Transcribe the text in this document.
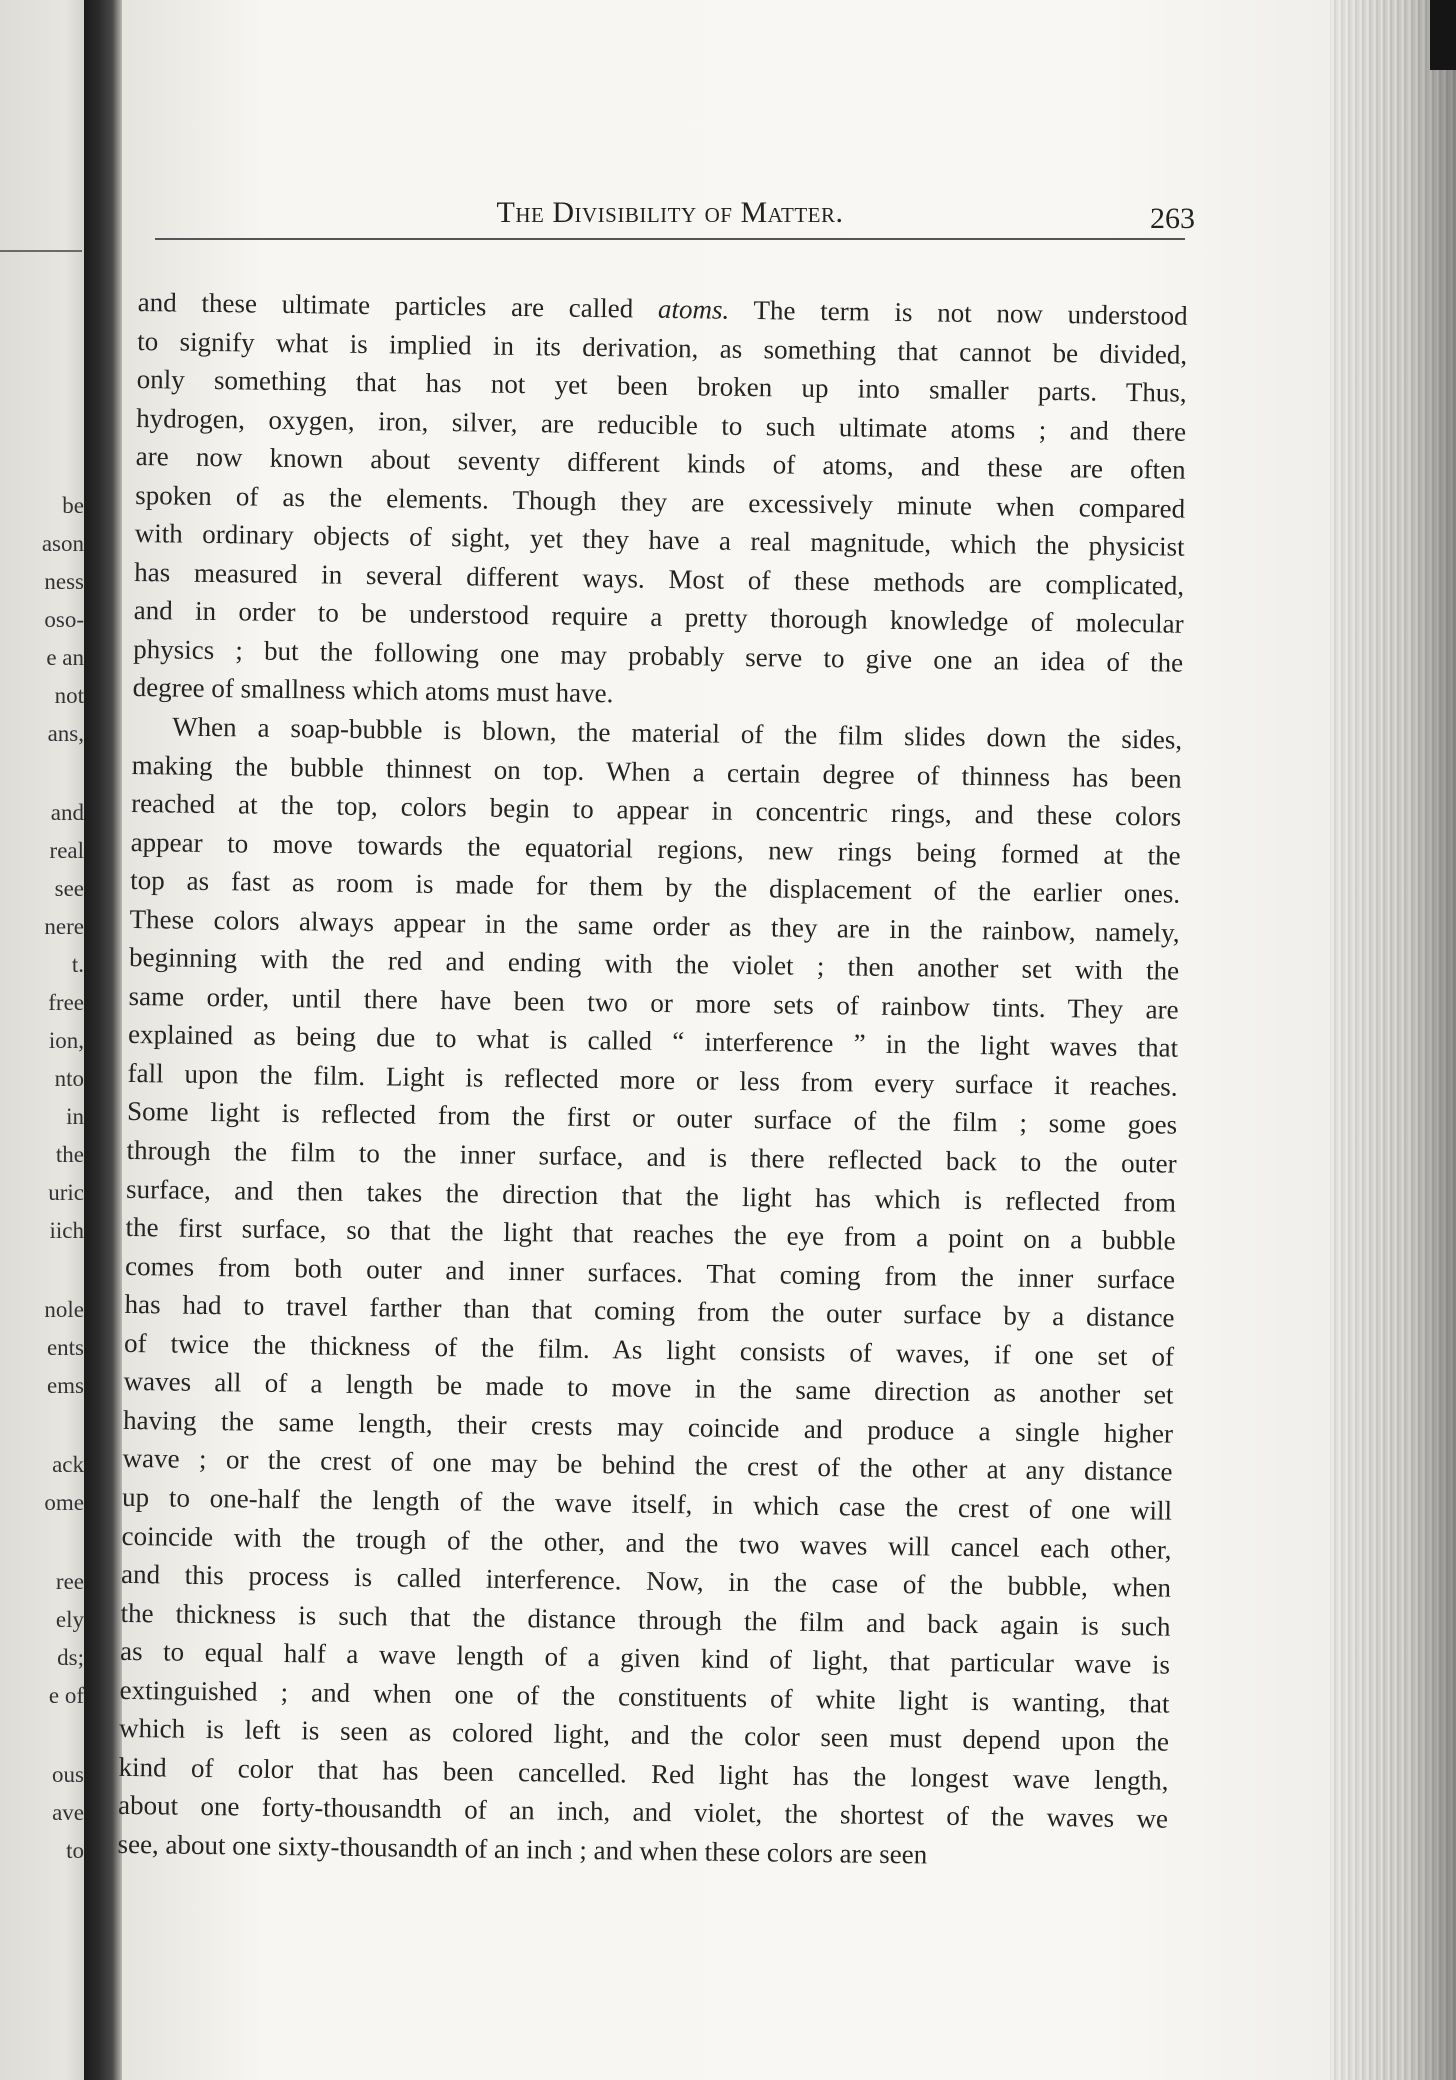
be
ason
ness
oso-
e an
not
ans,
and
real
see
nere
t.
free
ion,
nto
in
the
uric
iich
nole
ents
ems
ack
ome
ree
ely
ds;
e of
ous
ave
to
The Divisibility of Matter.	263
and these ultimate particles are called atoms. The term is not now understood
to signify what is implied in its derivation, as something that cannot be divided,
only something that has not yet been broken up into smaller parts. Thus,
hydrogen, oxygen, iron, silver, are reducible to such ultimate atoms ; and there
are now known about seventy different kinds of atoms, and these are often
spoken of as the elements. Though they are excessively minute when compared
with ordinary objects of sight, yet they have a real magnitude, which the physicist
has measured in several different ways. Most of these methods are complicated,
and in order to be understood require a pretty thorough knowledge of molecular
physics ; but the following one may probably serve to give one an idea of the
degree of smallness which atoms must have.
When a soap-bubble is blown, the material of the film slides down the sides,
making the bubble thinnest on top. When a certain degree of thinness has been
reached at the top, colors begin to appear in concentric rings, and these colors
appear to move towards the equatorial regions, new rings being formed at the
top as fast as room is made for them by the displacement of the earlier ones.
These colors always appear in the same order as they are in the rainbow, namely,
beginning with the red and ending with the violet ; then another set with the
same order, until there have been two or more sets of rainbow tints. They are
explained as being due to what is called “ interference ” in the light waves that
fall upon the film. Light is reflected more or less from every surface it reaches.
Some light is reflected from the first or outer surface of the film ; some goes
through the film to the inner surface, and is there reflected back to the outer
surface, and then takes the direction that the light has which is reflected from
the first surface, so that the light that reaches the eye from a point on a bubble
comes from both outer and inner surfaces. That coming from the inner surface
has had to travel farther than that coming from the outer surface by a distance
of twice the thickness of the film. As light consists of waves, if one set of
waves all of a length be made to move in the same direction as another set
having the same length, their crests may coincide and produce a single higher
wave ; or the crest of one may be behind the crest of the other at any distance
up to one-half the length of the wave itself, in which case the crest of one will
coincide with the trough of the other, and the two waves will cancel each other,
and this process is called interference. Now, in the case of the bubble, when
the thickness is such that the distance through the film and back again is such
as to equal half a wave length of a given kind of light, that particular wave is
extinguished ; and when one of the constituents of white light is wanting, that
which is left is seen as colored light, and the color seen must depend upon the
kind of color that has been cancelled. Red light has the longest wave length,
about one forty-thousandth of an inch, and violet, the shortest of the waves we
see, about one sixty-thousandth of an inch ; and when these colors are seen
